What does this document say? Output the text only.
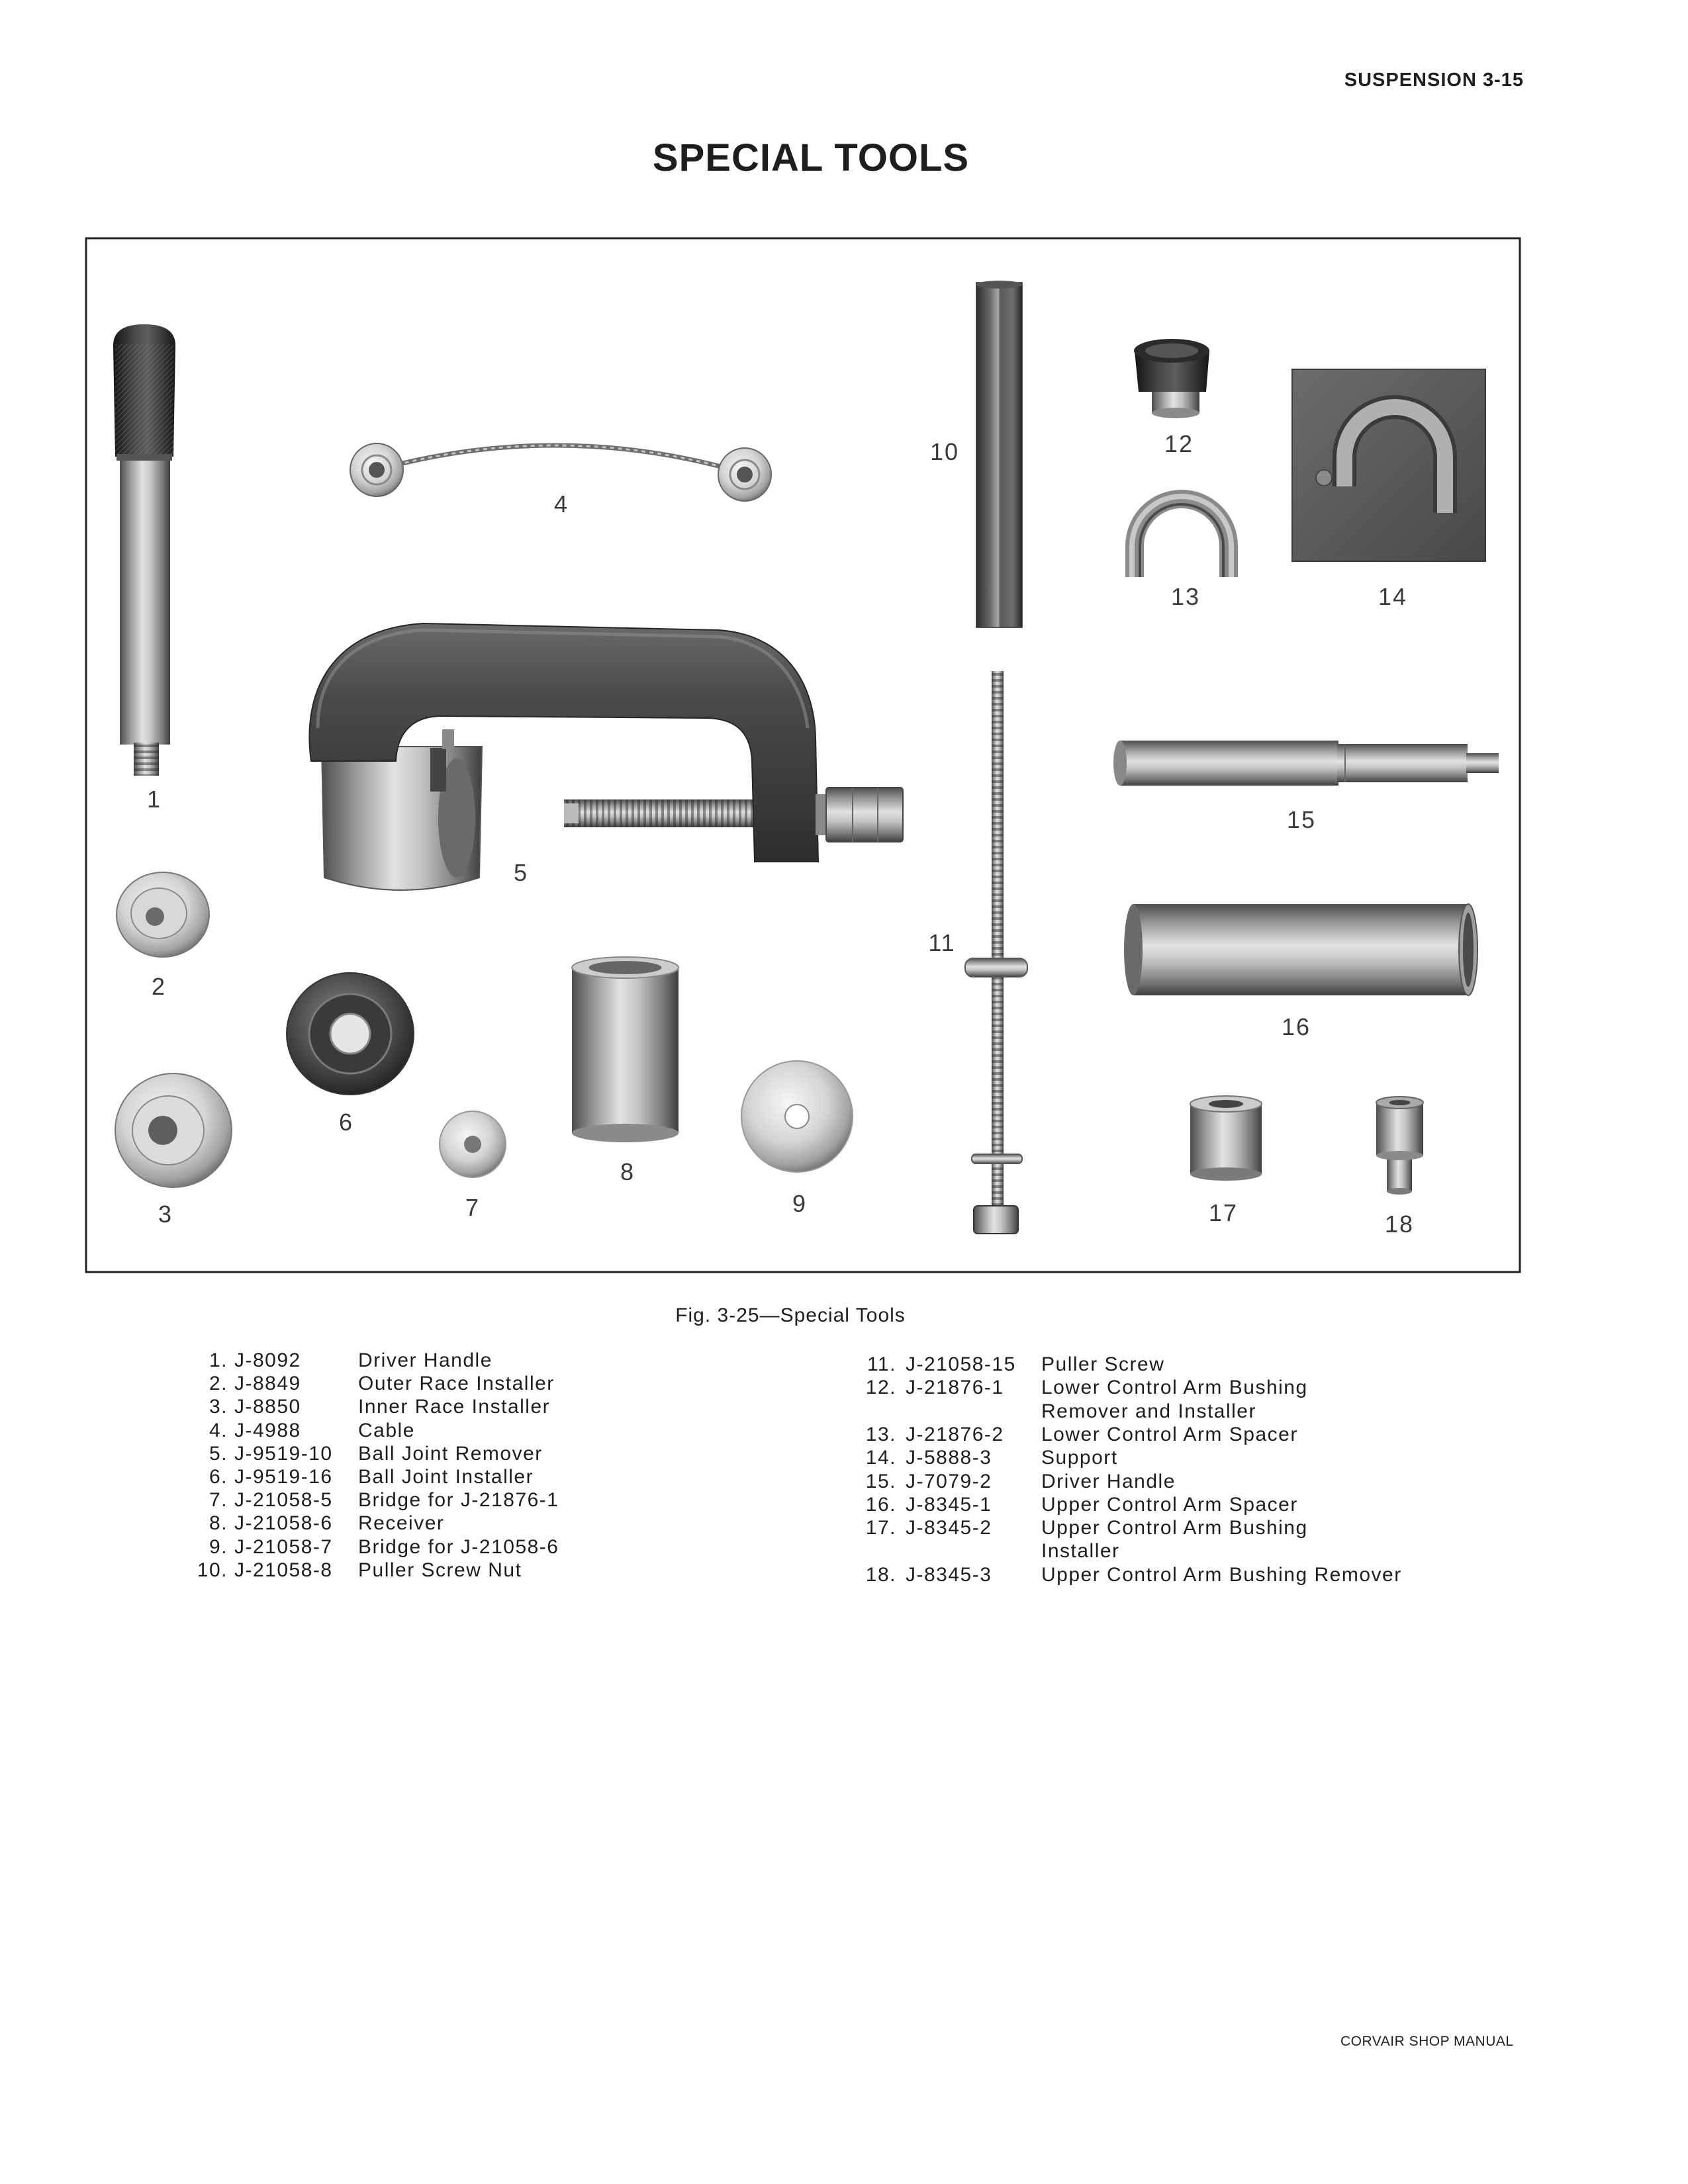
SUSPENSION 3-15
SPECIAL TOOLS
1
2
3
4
5
6
7
8
9
10
11
12
13	14
15
16
17	18
Fig. 3-25—Special Tools
1. J-8092	Driver Handle
2. J-8849	Outer Race Installer
3. J-8850	Inner Race Installer
4. J-4988	Cable
5. J-9519-10 Ball Joint Remover
6. J-9519-16 Ball Joint Installer
7. J-21058-5 Bridge for J-21876-1
8. J-21058-6 Receiver
9. J-21058-7 Bridge for J-21058-6
10. J-21058-8 Puller Screw Nut
11. J-21058-15 Puller Screw
12. J-21876-1 Lower Control Arm Bushing
Remover and Installer
13. J-21876-2 Lower Control Arm Spacer
14. J-5888-3 Support
15. J-7079-2 Driver Handle
16. J-8345-1 Upper Control Arm Spacer
17. J-8345-2 Upper Control Arm Bushing
Installer
18. J-8345-3 Upper Control Arm Bushing Remover
CORVAIR SHOP MANUAL
